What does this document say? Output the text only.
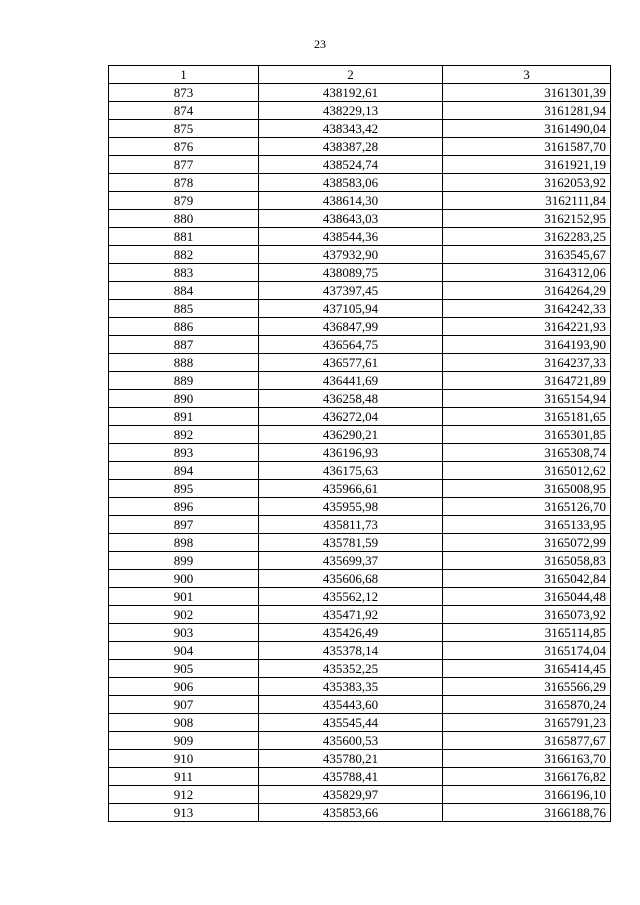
23
1	2	3
873	438192,61	3161301,39
874	438229,13	3161281,94
875	438343,42	3161490,04
876	438387,28	3161587,70
877	438524,74	3161921,19
878	438583,06	3162053,92
879	438614,30	3162111,84
880	438643,03	3162152,95
881	438544,36	3162283,25
882	437932,90	3163545,67
883	438089,75	3164312,06
884	437397,45	3164264,29
885	437105,94	3164242,33
886	436847,99	3164221,93
887	436564,75	3164193,90
888	436577,61	3164237,33
889	436441,69	3164721,89
890	436258,48	3165154,94
891	436272,04	3165181,65
892	436290,21	3165301,85
893	436196,93	3165308,74
894	436175,63	3165012,62
895	435966,61	3165008,95
896	435955,98	3165126,70
897	435811,73	3165133,95
898	435781,59	3165072,99
899	435699,37	3165058,83
900	435606,68	3165042,84
901	435562,12	3165044,48
902	435471,92	3165073,92
903	435426,49	3165114,85
904	435378,14	3165174,04
905	435352,25	3165414,45
906	435383,35	3165566,29
907	435443,60	3165870,24
908	435545,44	3165791,23
909	435600,53	3165877,67
910	435780,21	3166163,70
911	435788,41	3166176,82
912	435829,97	3166196,10
913	435853,66	3166188,76
